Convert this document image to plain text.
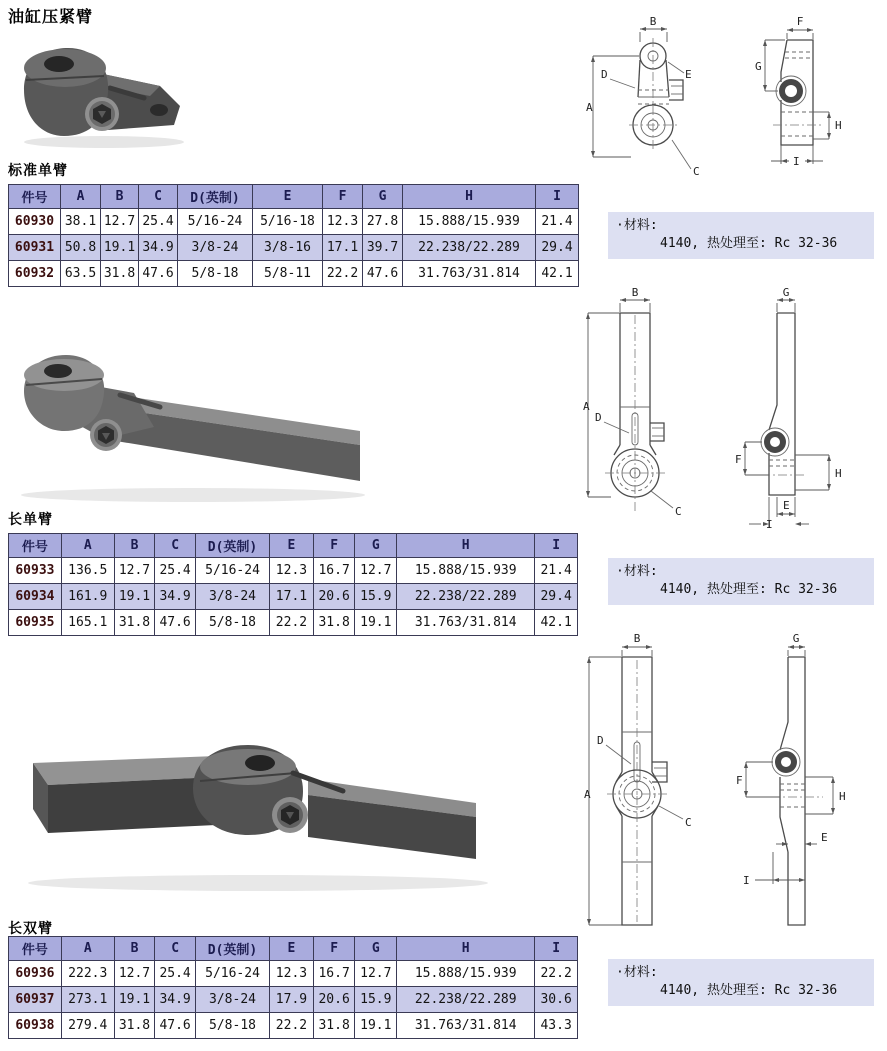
油缸压紧臂	B
A
D	E
C
F
G
H
I
标准单臂
件号	A	B	C	D(英制)	E	F	G	H	I
60930	38.1	12.7	25.4	5/16-24	5/16-18	12.3	27.8	15.888/15.939	21.4
60931	50.8	19.1	34.9	3/8-24	3/8-16	17.1	39.7	22.238/22.289	29.4
60932	63.5	31.8	47.6	5/8-18	5/8-11	22.2	47.6	31.763/31.814	42.1
·材料:
4140, 热处理至: Rc 32-36
B
A
D
C
G
F
H
E
I
长单臂
件号	A	B	C	D(英制)	E	F	G	H	I
60933	136.5	12.7	25.4	5/16-24	12.3	16.7	12.7	15.888/15.939	21.4
60934	161.9	19.1	34.9	3/8-24	17.1	20.6	15.9	22.238/22.289	29.4
60935	165.1	31.8	47.6	5/8-18	22.2	31.8	19.1	31.763/31.814	42.1
·材料:
4140, 热处理至: Rc 32-36
B
A
D
C
G
F
H
E
I
长双臂
件号	A	B	C	D(英制)	E	F	G	H	I
60936	222.3	12.7	25.4	5/16-24	12.3	16.7	12.7	15.888/15.939	22.2
60937	273.1	19.1	34.9	3/8-24	17.9	20.6	15.9	22.238/22.289	30.6
60938	279.4	31.8	47.6	5/8-18	22.2	31.8	19.1	31.763/31.814	43.3
·材料:
4140, 热处理至: Rc 32-36
